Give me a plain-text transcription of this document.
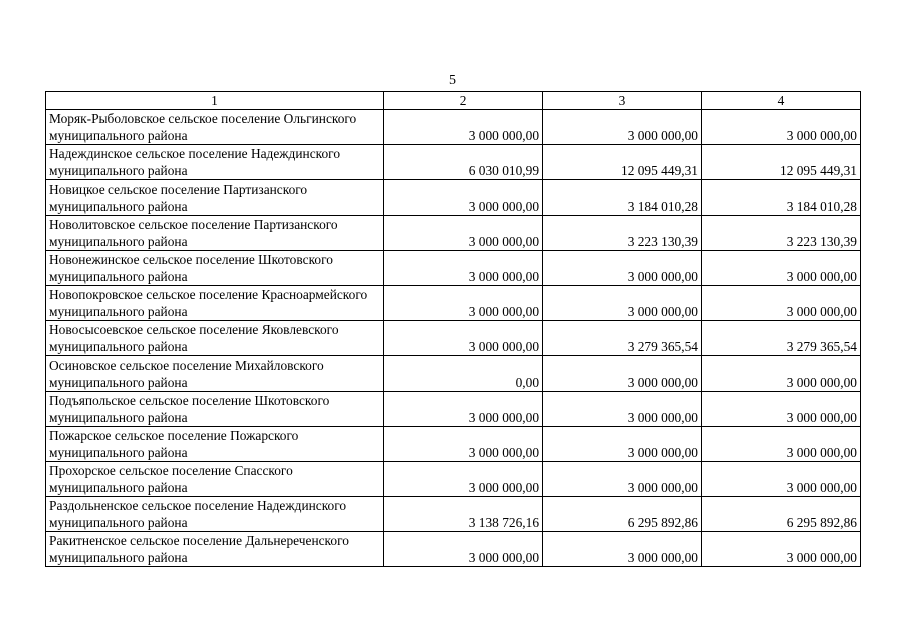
5
1	2	3	4
Моряк-Рыболовское сельское поселение Ольгинского муниципального района	3 000 000,00	3 000 000,00	3 000 000,00
Надеждинское сельское поселение Надеждинского муниципального района	6 030 010,99	12 095 449,31	12 095 449,31
Новицкое сельское поселение Партизанского муниципального района	3 000 000,00	3 184 010,28	3 184 010,28
Новолитовское сельское поселение Партизанского муниципального района	3 000 000,00	3 223 130,39	3 223 130,39
Новонежинское сельское поселение Шкотовского муниципального района	3 000 000,00	3 000 000,00	3 000 000,00
Новопокровское сельское поселение Красноармейского муниципального района	3 000 000,00	3 000 000,00	3 000 000,00
Новосысоевское сельское поселение Яковлевского муниципального района	3 000 000,00	3 279 365,54	3 279 365,54
Осиновское сельское поселение Михайловского муниципального района	0,00	3 000 000,00	3 000 000,00
Подъяпольское сельское поселение Шкотовского муниципального района	3 000 000,00	3 000 000,00	3 000 000,00
Пожарское сельское поселение Пожарского муниципального района	3 000 000,00	3 000 000,00	3 000 000,00
Прохорское сельское поселение Спасского муниципального района	3 000 000,00	3 000 000,00	3 000 000,00
Раздольненское сельское поселение Надеждинского муниципального района	3 138 726,16	6 295 892,86	6 295 892,86
Ракитненское сельское поселение Дальнереченского муниципального района	3 000 000,00	3 000 000,00	3 000 000,00
